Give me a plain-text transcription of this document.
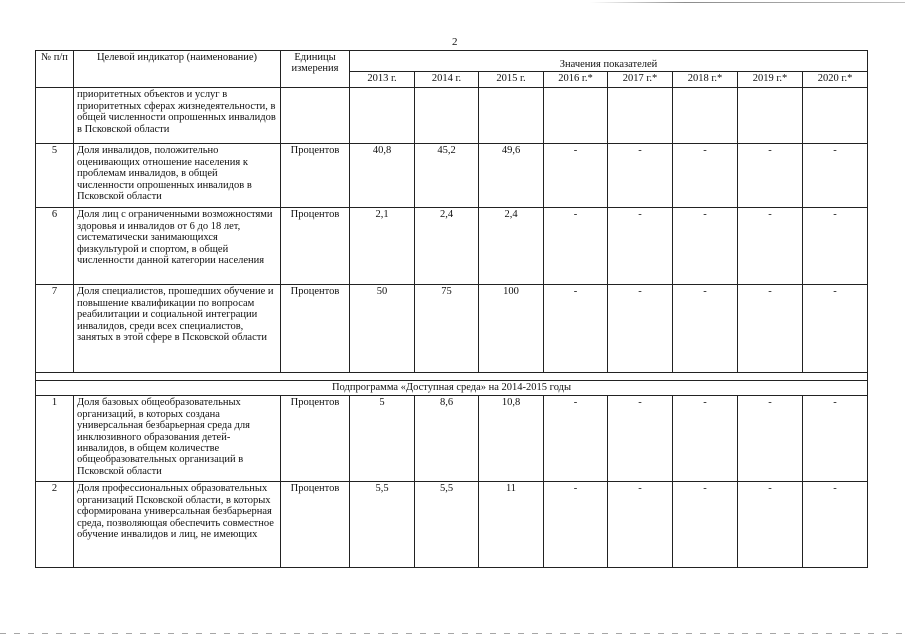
2
№ п/п	Целевой индикатор (наименование)	Единицы измерения	Значения показателей							
			2013 г.	2014 г.	2015 г.	2016 г.*	2017 г.*	2018 г.*	2019 г.*	2020 г.*
	приоритетных объектов и услуг в приоритетных сферах жизнедеятельности, в общей численности опрошенных инвалидов в Псковской области									
5	Доля инвалидов, положительно оценивающих отношение населения к проблемам инвалидов, в общей численности опрошенных инвалидов в Псковской области	Процентов	40,8	45,2	49,6	-	-	-	-	-
6	Доля лиц с ограниченными возможностями здоровья и инвалидов от 6 до 18 лет, систематически занимающихся физкультурой и спортом, в общей численности данной категории населения	Процентов	2,1	2,4	2,4	-	-	-	-	-
7	Доля специалистов, прошедших обучение и повышение квалификации по вопросам реабилитации и социальной интеграции инвалидов, среди всех специалистов, занятых в этой сфере в Псковской области	Процентов	50	75	100	-	-	-	-	-

Подпрограмма «Доступная среда» на 2014-2015 годы										
1	Доля базовых общеобразовательных организаций, в которых создана универсальная безбарьерная среда для инклюзивного образования детей-инвалидов, в общем количестве общеобразовательных организаций в Псковской области	Процентов	5	8,6	10,8	-	-	-	-	-
2	Доля профессиональных образовательных организаций Псковской области, в которых сформирована универсальная безбарьерная среда, позволяющая обеспечить совместное обучение инвалидов и лиц, не имеющих	Процентов	5,5	5,5	11	-	-	-	-	-
